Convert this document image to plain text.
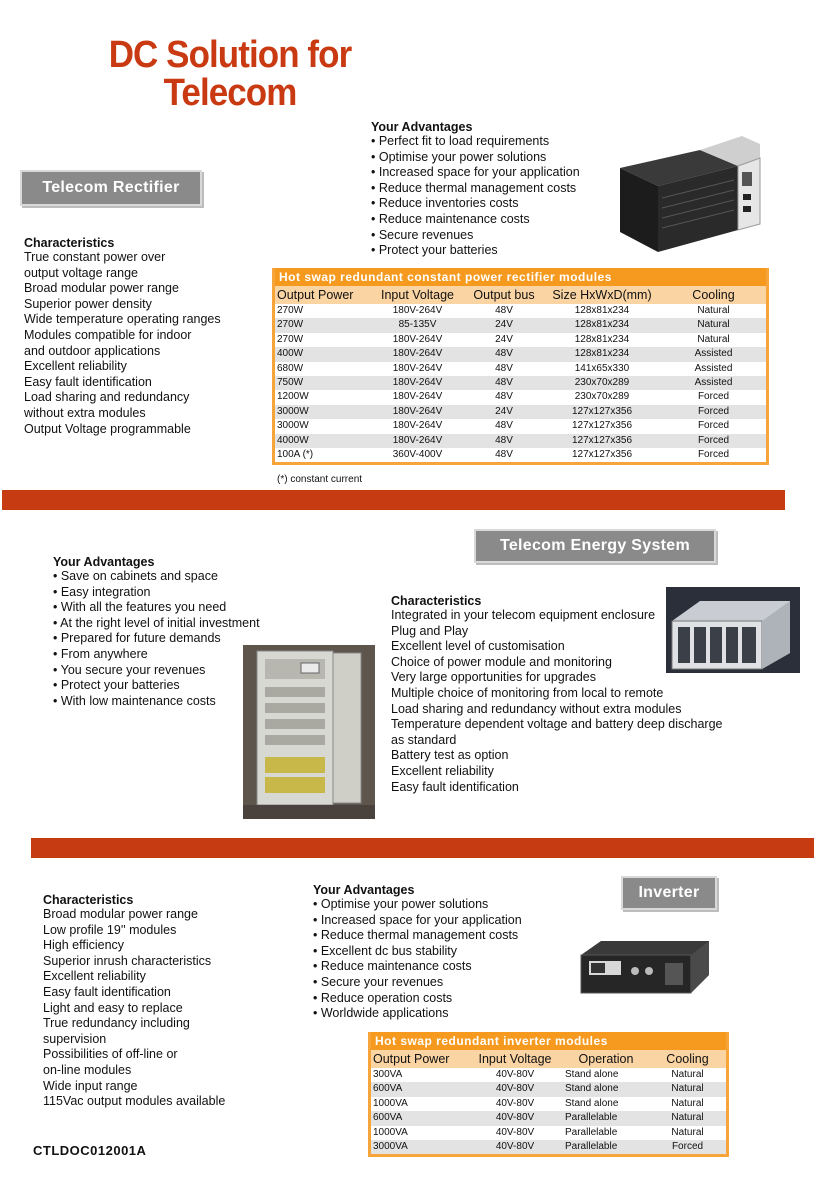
DC Solution for
Telecom
Telecom Rectifier
Characteristics
True constant power over
output voltage range
Broad modular power range
Superior power density
Wide temperature operating ranges
Modules compatible for indoor
and outdoor applications
Excellent reliability
Easy fault identification
Load sharing and redundancy
without extra modules
Output Voltage programmable
Your Advantages
• Perfect fit to load requirements
• Optimise your power solutions
• Increased space for your application
• Reduce thermal management costs
• Reduce inventories costs
• Reduce maintenance costs
• Secure revenues
• Protect your batteries
Hot swap redundant constant power rectifier modules
Output Power	Input Voltage	Output bus	Size HxWxD(mm)	Cooling
270W	180V-264V	48V	128x81x234	Natural
270W	85-135V	24V	128x81x234	Natural
270W	180V-264V	24V	128x81x234	Natural
400W	180V-264V	48V	128x81x234	Assisted
680W	180V-264V	48V	141x65x330	Assisted
750W	180V-264V	48V	230x70x289	Assisted
1200W	180V-264V	48V	230x70x289	Forced
3000W	180V-264V	24V	127x127x356	Forced
3000W	180V-264V	48V	127x127x356	Forced
4000W	180V-264V	48V	127x127x356	Forced
100A (*)	360V-400V	48V	127x127x356	Forced
(*) constant current
Telecom Energy System
Your Advantages
• Save on cabinets and space
• Easy integration
• With all the features you need
• At the right level of initial investment
• Prepared for future demands
• From anywhere
• You secure your revenues
• Protect your batteries
• With low maintenance costs
Characteristics
Integrated in your telecom equipment enclosure
Plug and Play
Excellent level of customisation
Choice of power module and monitoring
Very large opportunities for upgrades
Multiple choice of monitoring from local to remote
Load sharing and redundancy without extra modules
Temperature dependent voltage and battery deep discharge
as standard
Battery test as option
Excellent reliability
Easy fault identification
Inverter
Characteristics
Broad modular power range
Low profile 19'' modules
High efficiency
Superior inrush characteristics
Excellent reliability
Easy fault identification
Light and easy to replace
True redundancy including
supervision
Possibilities of off-line or
on-line modules
Wide input range
115Vac output modules available
Your Advantages
• Optimise your power solutions
• Increased space for your application
• Reduce thermal management costs
• Excellent dc bus stability
• Reduce maintenance costs
• Secure your revenues
• Reduce operation costs
• Worldwide applications
Hot swap redundant inverter modules
Output Power	Input Voltage	Operation	Cooling
300VA	40V-80V	Stand alone	Natural
600VA	40V-80V	Stand alone	Natural
1000VA	40V-80V	Stand alone	Natural
600VA	40V-80V	Parallelable	Natural
1000VA	40V-80V	Parallelable	Natural
3000VA	40V-80V	Parallelable	Forced
CTLDOC012001A
